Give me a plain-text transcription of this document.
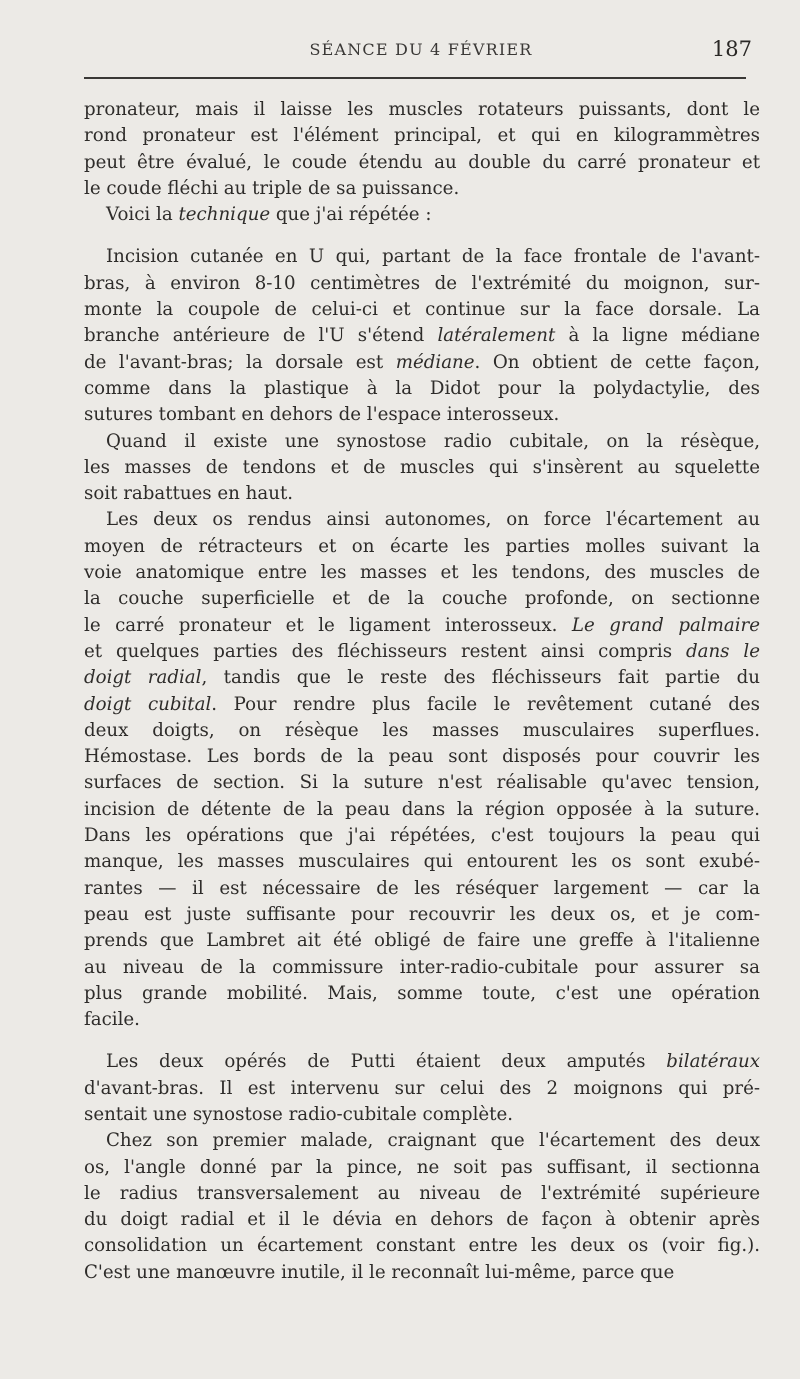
SÉANCE DU 4 FÉVRIER	187
pronateur, mais il laisse les muscles rotateurs puissants, dont le
rond pronateur est l'élément principal, et qui en kilogrammètres
peut être évalué, le coude étendu au double du carré pronateur et
le coude fléchi au triple de sa puissance.
Voici la technique que j'ai répétée :
Incision cutanée en U qui, partant de la face frontale de l'avant-
bras, à environ 8-10 centimètres de l'extrémité du moignon, sur-
monte la coupole de celui-ci et continue sur la face dorsale. La
branche antérieure de l'U s'étend latéralement à la ligne médiane
de l'avant-bras; la dorsale est médiane. On obtient de cette façon,
comme dans la plastique à la Didot pour la polydactylie, des
sutures tombant en dehors de l'espace interosseux.
Quand il existe une synostose radio cubitale, on la résèque,
les masses de tendons et de muscles qui s'insèrent au squelette
soit rabattues en haut.
Les deux os rendus ainsi autonomes, on force l'écartement au
moyen de rétracteurs et on écarte les parties molles suivant la
voie anatomique entre les masses et les tendons, des muscles de
la couche superficielle et de la couche profonde, on sectionne
le carré pronateur et le ligament interosseux. Le grand palmaire
et quelques parties des fléchisseurs restent ainsi compris dans le
doigt radial, tandis que le reste des fléchisseurs fait partie du
doigt cubital. Pour rendre plus facile le revêtement cutané des
deux doigts, on résèque les masses musculaires superflues.
Hémostase. Les bords de la peau sont disposés pour couvrir les
surfaces de section. Si la suture n'est réalisable qu'avec tension,
incision de détente de la peau dans la région opposée à la suture.
Dans les opérations que j'ai répétées, c'est toujours la peau qui
manque, les masses musculaires qui entourent les os sont exubé-
rantes — il est nécessaire de les réséquer largement — car la
peau est juste suffisante pour recouvrir les deux os, et je com-
prends que Lambret ait été obligé de faire une greffe à l'italienne
au niveau de la commissure inter-radio-cubitale pour assurer sa
plus grande mobilité. Mais, somme toute, c'est une opération
facile.
Les deux opérés de Putti étaient deux amputés bilatéraux
d'avant-bras. Il est intervenu sur celui des 2 moignons qui pré-
sentait une synostose radio-cubitale complète.
Chez son premier malade, craignant que l'écartement des deux
os, l'angle donné par la pince, ne soit pas suffisant, il sectionna
le radius transversalement au niveau de l'extrémité supérieure
du doigt radial et il le dévia en dehors de façon à obtenir après
consolidation un écartement constant entre les deux os (voir fig.).
C'est une manœuvre inutile, il le reconnaît lui-même, parce que
